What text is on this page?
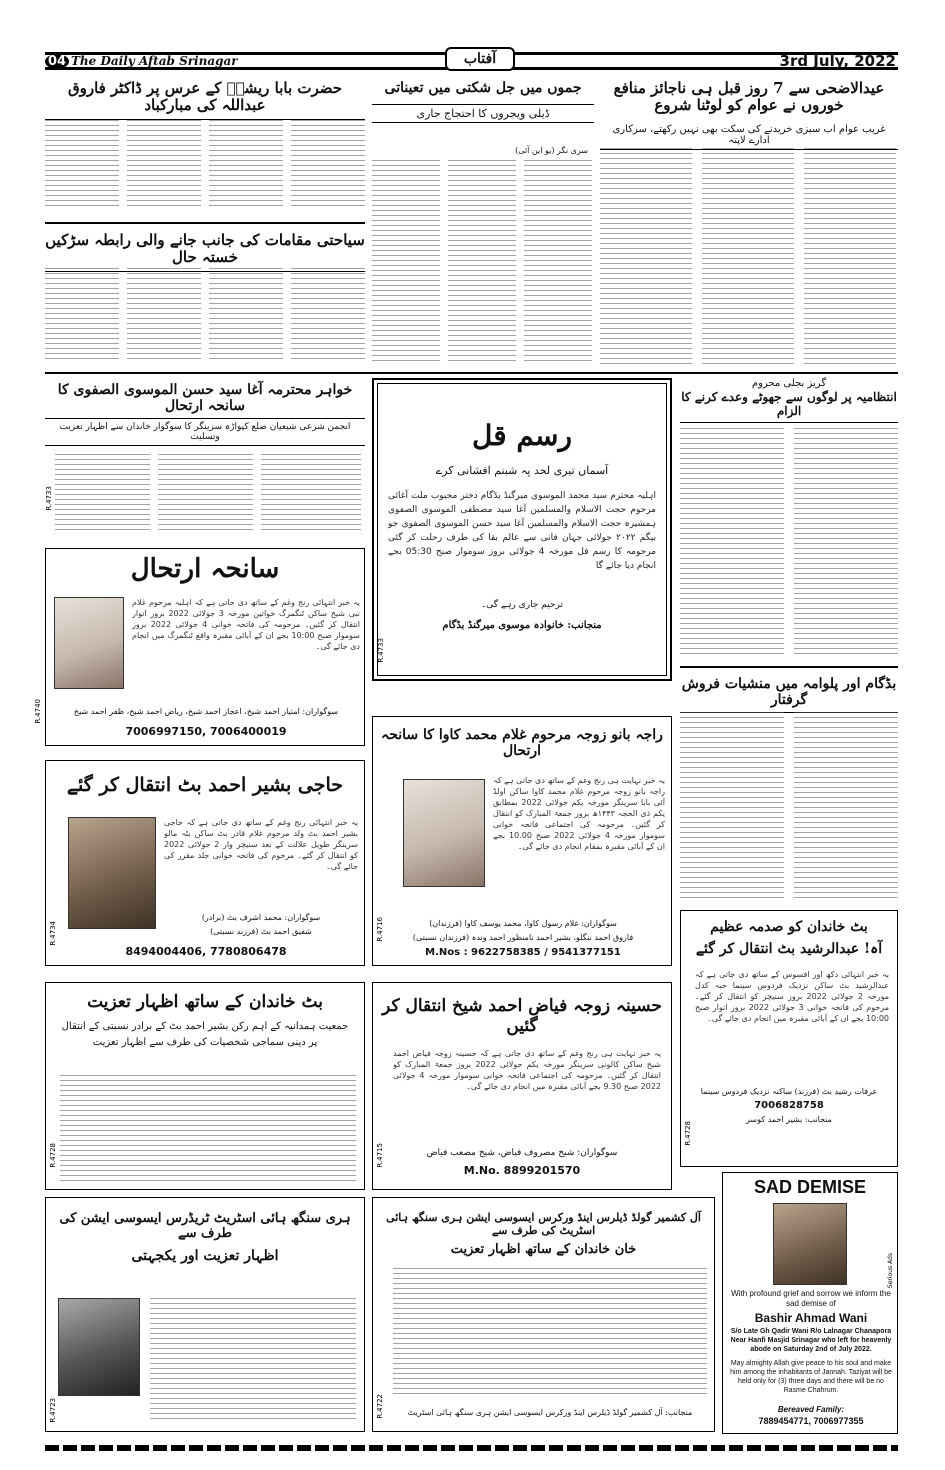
04 The Daily Aftab Srinagar	آفتاب	3rd July, 2022
عیدالاضحی سے 7 روز قبل ہی ناجائز منافع خوروں نے عوام کو لوٹنا شروع
غریب عوام اب سبزی خریدنے کی سکت بھی نہیں رکھتے، سرکاری ادارے لاپتہ
جموں میں جل شکتی میں تعیناتی
ڈیلی ویجروں کا احتجاج جاری
سری نگر (یو این آئی)
حضرت بابا ریشیؒ کے عرس پر ڈاکٹر فاروق عبداللہ کی مبارکباد
سیاحتی مقامات کی جانب جانے والی رابطہ سڑکیں خستہ حال
خواہر محترمہ آغا سید حسن الموسوی الصفوی کا سانحہ ارتحال
انجمن شرعی شیعیان ضلع کپواڑہ سرینگر کا سوگوار خاندان سے اظہار تعزیت وتسلیت
R.4733
رسم قل
آسماں تیری لحد پہ شبنم افشانی کرے
اہلیہ محترم سید محمد الموسوی میرگنڈ بڈگام دختر محبوب ملت آغائی مرحوم حجت الاسلام والمسلمین آغا سید مصطفی الموسوی الصفوی ہمشیرہ حجت الاسلام والمسلمین آغا سید حسن الموسوی الصفوی جو بیگم ۲۰۲۲ جولائی جہان فانی سے عالم بقا کی طرف رحلت کر گئی مرحومہ کا رسم قل مورخہ 4 جولائی بروز سوموار صبح 05:30 بجے انجام دیا جائے گا
ترحیم جاری رہے گی۔
منجانب: خانوادہ موسوی میرگنڈ بڈگام
R.4733
گریز بجلی محروم
انتظامیہ پر لوگوں سے جھوٹے وعدے کرنے کا الزام
سانحہ ارتحال
یہ خبر انتہائی رنج وغم کے ساتھ دی جاتی ہے کہ اہلیہ مرحوم غلام نبی شیخ ساکن ٹنگمرگ خواتین مورخہ 3 جولائی 2022 بروز اتوار انتقال کر گئیں۔ مرحومہ کی فاتحہ خوانی 4 جولائی 2022 بروز سوموار صبح 10:00 بجے ان کے آبائی مقبرہ واقع ٹنگمرگ میں انجام دی جائے گی۔
سوگواران: امتیاز احمد شیخ، اعجاز احمد شیخ، ریاض احمد شیخ، ظفر احمد شیخ
7006997150, 7006400019
R.4740
بڈگام اور پلوامہ میں منشیات فروش گرفتار
راجہ بانو زوجہ مرحوم غلام محمد کاوا کا سانحہ ارتحال
یہ خبر نہایت ہی رنج وغم کے ساتھ دی جاتی ہے کہ راجہ بانو زوجہ مرحوم غلام محمد کاوا ساکن اولڈ آئی بابا سرینگر مورخہ یکم جولائی 2022 بمطابق یکم ذی الحجہ ۱۴۴۳ھ بروز جمعۃ المبارک کو انتقال کر گئیں۔ مرحومہ کی اجتماعی فاتحہ خوانی سوموار مورخہ 4 جولائی 2022 صبح 10.00 بجے ان کے آبائی مقبرہ بمقام انجام دی جائے گی۔
سوگواران: غلام رسول کاوا، محمد یوسف کاوا (فرزندان)
فاروق احمد ننگلو، بشیر احمد نامنظور احمد وندہ (فرزندان نسبتی)
M.Nos : 9622758385 / 9541377151
R.4716
حاجی بشیر احمد بٹ انتقال کر گئے
یہ خبر انتہائی رنج وغم کے ساتھ دی جاتی ہے کہ حاجی بشیر احمد بٹ ولد مرحوم غلام قادر بٹ ساکن بٹہ مالو سرینگر طویل علالت کے بعد سنیچر وار 2 جولائی 2022 کو انتقال کر گئے۔ مرحوم کی فاتحہ خوانی جلد مقرر کی جائے گی۔
سوگواران: محمد اشرف بٹ (برادر)
شفیق احمد بٹ (فرزند نسبتی)
8494004406, 7780806478
R.4734	بٹ خاندان کو صدمہ عظیم
آہ! عبدالرشید بٹ انتقال کر گئے
یہ خبر انتہائی دکھ اور افسوس کے ساتھ دی جاتی ہے کہ عبدالرشید بٹ ساکن نزدیک فردوس سینما حبہ کدل مورخہ 2 جولائی 2022 بروز سنیچر کو انتقال کر گئے۔ مرحوم کی فاتحہ خوانی 3 جولائی 2022 بروز اتوار صبح 10:00 بجے ان کے آبائی مقبرہ میں انجام دی جائے گی۔
عرفات رشید بٹ (فرزند) ساکنہ نزدیک فردوس سینما
7006828758
منجانب: بشیر احمد کوسر
R.4728
بٹ خاندان کے ساتھ اظہار تعزیت
جمعیت ہمدانیہ کے اہم رکن بشیر احمد بٹ کے برادر نسبتی کے انتقال پر دینی سماجی شخصیات کی طرف سے اظہار تعزیت
R.4728
حسینہ زوجہ فیاض احمد شیخ انتقال کر گئیں
یہ خبر نہایت ہی رنج وغم کے ساتھ دی جاتی ہے کہ حسینہ زوجہ فیاض احمد شیخ ساکن کالونی سرینگر مورخہ یکم جولائی 2022 بروز جمعۃ المبارک کو انتقال کر گئیں۔ مرحومہ کی اجتماعی فاتحہ خوانی سوموار مورخہ 4 جولائی 2022 صبح 9.30 بجے آبائی مقبرہ میں انجام دی جائے گی۔
سوگواران: شیخ مصروف فیاض، شیخ مصعب فیاض
M.No. 8899201570
R.4715
ہری سنگھ ہائی اسٹریٹ ٹریڈرس ایسوسی ایشن کی طرف سے
اظہار تعزیت اور یکجہتی
R.4723
آل کشمیر گولڈ ڈیلرس اینڈ ورکرس ایسوسی ایشن ہری سنگھ ہائی اسٹریٹ کی طرف سے
خان خاندان کے ساتھ اظہار تعزیت
منجانب: آل کشمیر گولڈ ڈیلرس اینڈ ورکرس ایسوسی ایشن ہری سنگھ ہائی اسٹریٹ
R.4722
SAD DEMISE
With profound grief and sorrow we inform the sad demise of
Bashir Ahmad Wani
S/o Late Gh Qadir Wani R/o Lalnagar Chanapora Near Hanfi Masjid Srinagar who left for heavenly abode on Saturday 2nd of July 2022.
May almighty Allah give peace to his soul and make him among the inhabitants of Jannah. Taziyat will be held only for (3) three days and there will be no Rasme Chahrum.
Bereaved Family:
7889454771, 7006977355
Serious Ads
